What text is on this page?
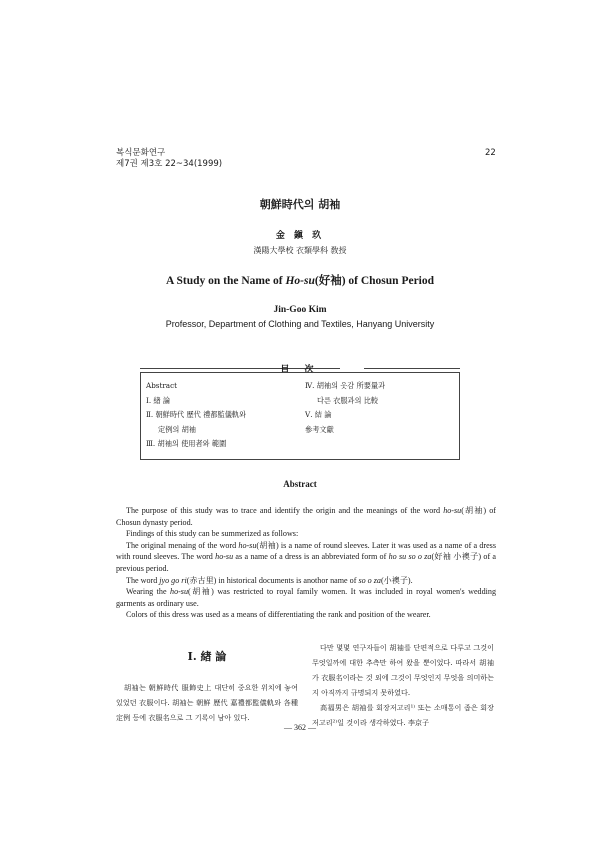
복식문화연구
제7권 제3호 22~34(1999)
22
朝鮮時代의 胡袖
金 鎭 玖
漢陽大學校 衣類學科 敎授
A Study on the Name of Ho-su(好袖) of Chosun Period
Jin-Goo Kim
Professor, Department of Clothing and Textiles, Hanyang University
目 次
Abstract
Ⅰ. 緖 論
Ⅱ. 朝鮮時代 歷代 禮都監儀軌와
定例의 胡袖
Ⅲ. 胡袖의 使用者와 範圍
Ⅳ. 胡袖의 옷감 所要量과
다른 衣服과의 比較
Ⅴ. 結 論
參考文獻
Abstract

The purpose of this study was to trace and identify the origin and the meanings of the word ho-su(胡袖) of Chosun dynasty period.

Findings of this study can be summerized as follows:

The original menaing of the word ho-su(胡袖) is a name of round sleeves. Later it was used as a name of a dress with round sleeves. The word ho-su as a name of a dress is an abbreviated form of ho su so o za(好袖 小襖子) of a previous period.

The word jyo go ri(赤古里) in historical documents is anothor name of so o za(小襖子).

Wearing the ho-su(胡袖) was restricted to royal family women. It was included in royal women's wedding garments as ordinary use.

Colors of this dress was used as a means of differentiating the rank and position of the wearer.

Ⅰ. 緖 論

胡袖는 朝鮮時代 服飾史上 대단히 중요한 위치에 놓여 있었던 衣服이다. 胡袖는 朝鮮 歷代 嘉禮都監儀軌와 各種 定例 등에 衣服名으로 그 기록이 남아 있다.

다만 몇몇 연구자들이 胡袖를 단편적으로 다루고 그것이 무엇일까에 대한 추측만 하여 왔을 뿐이었다. 따라서 胡袖가 衣服名이라는 것 외에 그것이 무엇인지 무엇을 의미하는지 아직까지 규명되지 못하였다.

高福男은 胡袖를 회장저고리¹⁾ 또는 소매통이 좁은 회장저고리²⁾일 것이라 생각하였다. 李京子

— 362 —
